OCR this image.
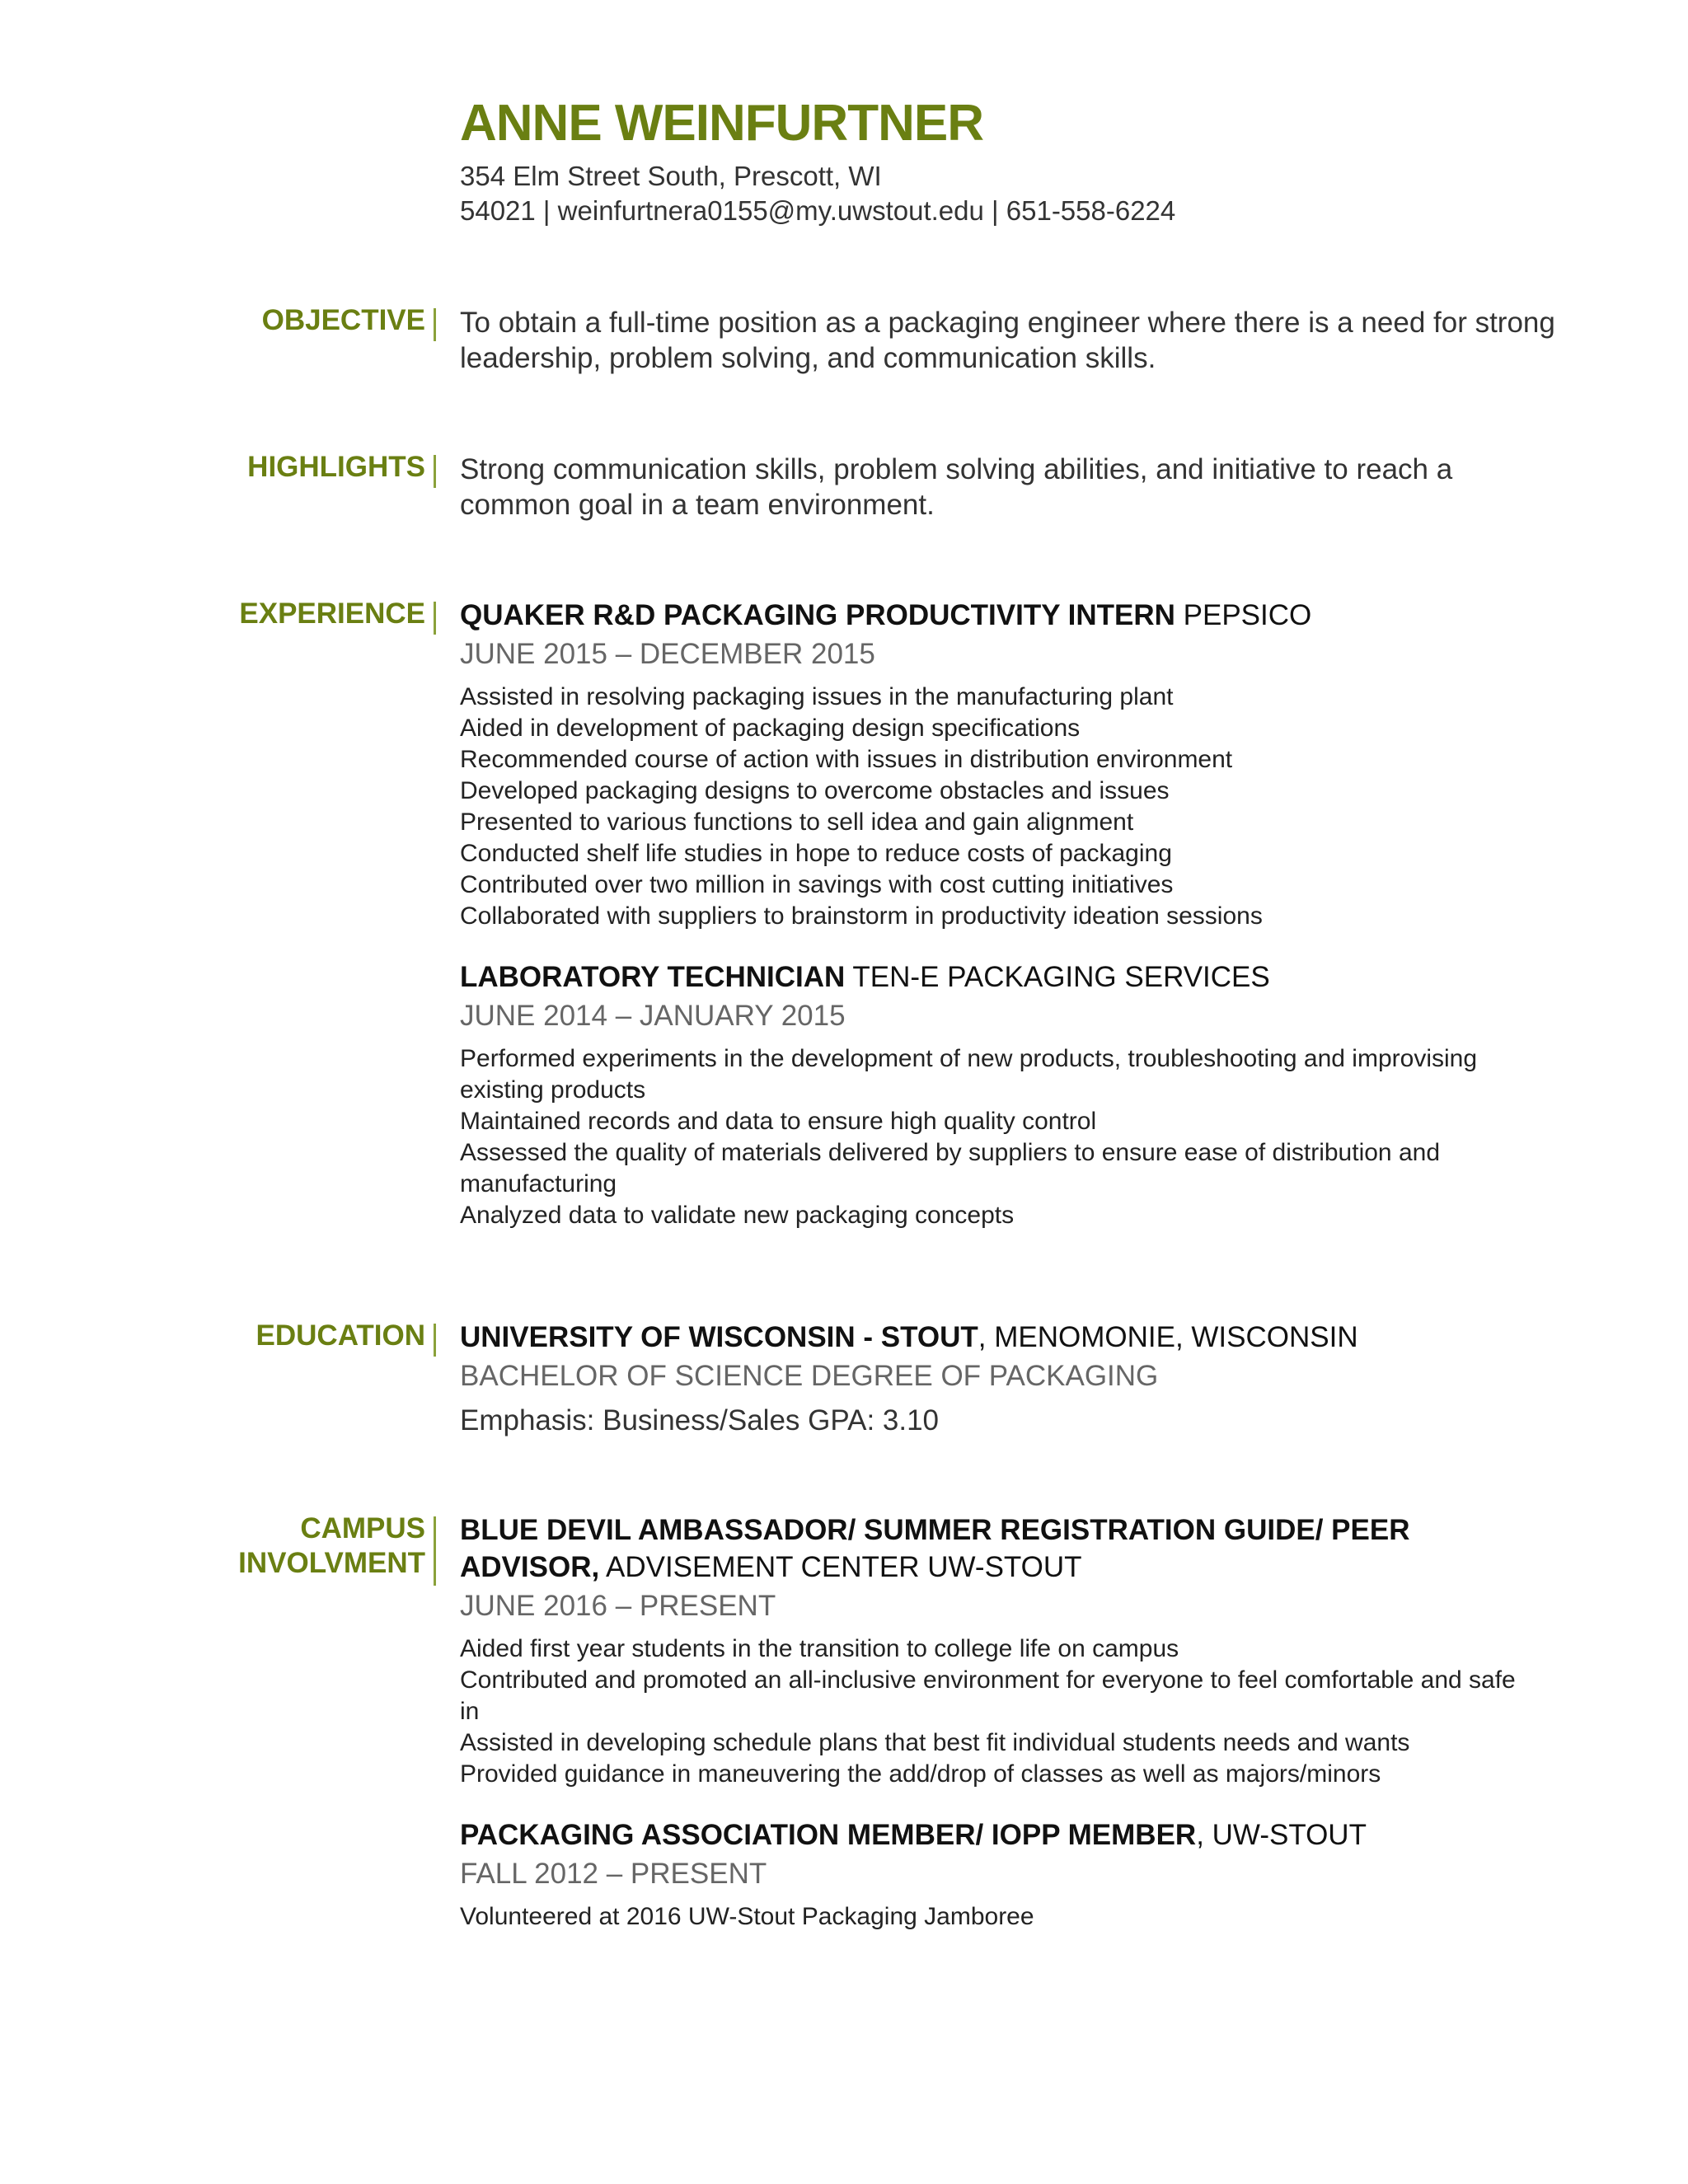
ANNE WEINFURTNER
354 Elm Street South, Prescott, WI
54021 | weinfurtnera0155@my.uwstout.edu | 651-558-6224
OBJECTIVE To obtain a full-time position as a packaging engineer where there is a need for strong leadership, problem solving, and communication skills.

HIGHLIGHTS Strong communication skills, problem solving abilities, and initiative to reach a common goal in a team environment.

EXPERIENCE QUAKER R&D PACKAGING PRODUCTIVITY INTERN PEPSICO

JUNE 2015 – DECEMBER 2015

Assisted in resolving packaging issues in the manufacturing plant
Aided in development of packaging design specifications
Recommended course of action with issues in distribution environment
Developed packaging designs to overcome obstacles and issues
Presented to various functions to sell idea and gain alignment
Conducted shelf life studies in hope to reduce costs of packaging
Contributed over two million in savings with cost cutting initiatives
Collaborated with suppliers to brainstorm in productivity ideation sessions

LABORATORY TECHNICIAN TEN-E PACKAGING SERVICES

JUNE 2014 – JANUARY 2015

Performed experiments in the development of new products, troubleshooting and improvising existing products
Maintained records and data to ensure high quality control
Assessed the quality of materials delivered by suppliers to ensure ease of distribution and manufacturing
Analyzed data to validate new packaging concepts
EDUCATION UNIVERSITY OF WISCONSIN - STOUT, MENOMONIE, WISCONSIN

BACHELOR OF SCIENCE DEGREE OF PACKAGING

Emphasis: Business/Sales GPA: 3.10

CAMPUS
INVOLVMENT

BLUE DEVIL AMBASSADOR/ SUMMER REGISTRATION GUIDE/ PEER ADVISOR, ADVISEMENT CENTER UW-STOUT

JUNE 2016 – PRESENT

Aided first year students in the transition to college life on campus
Contributed and promoted an all-inclusive environment for everyone to feel comfortable and safe in
Assisted in developing schedule plans that best fit individual students needs and wants
Provided guidance in maneuvering the add/drop of classes as well as majors/minors

PACKAGING ASSOCIATION MEMBER/ IOPP MEMBER, UW-STOUT

FALL 2012 – PRESENT

Volunteered at 2016 UW-Stout Packaging Jamboree
